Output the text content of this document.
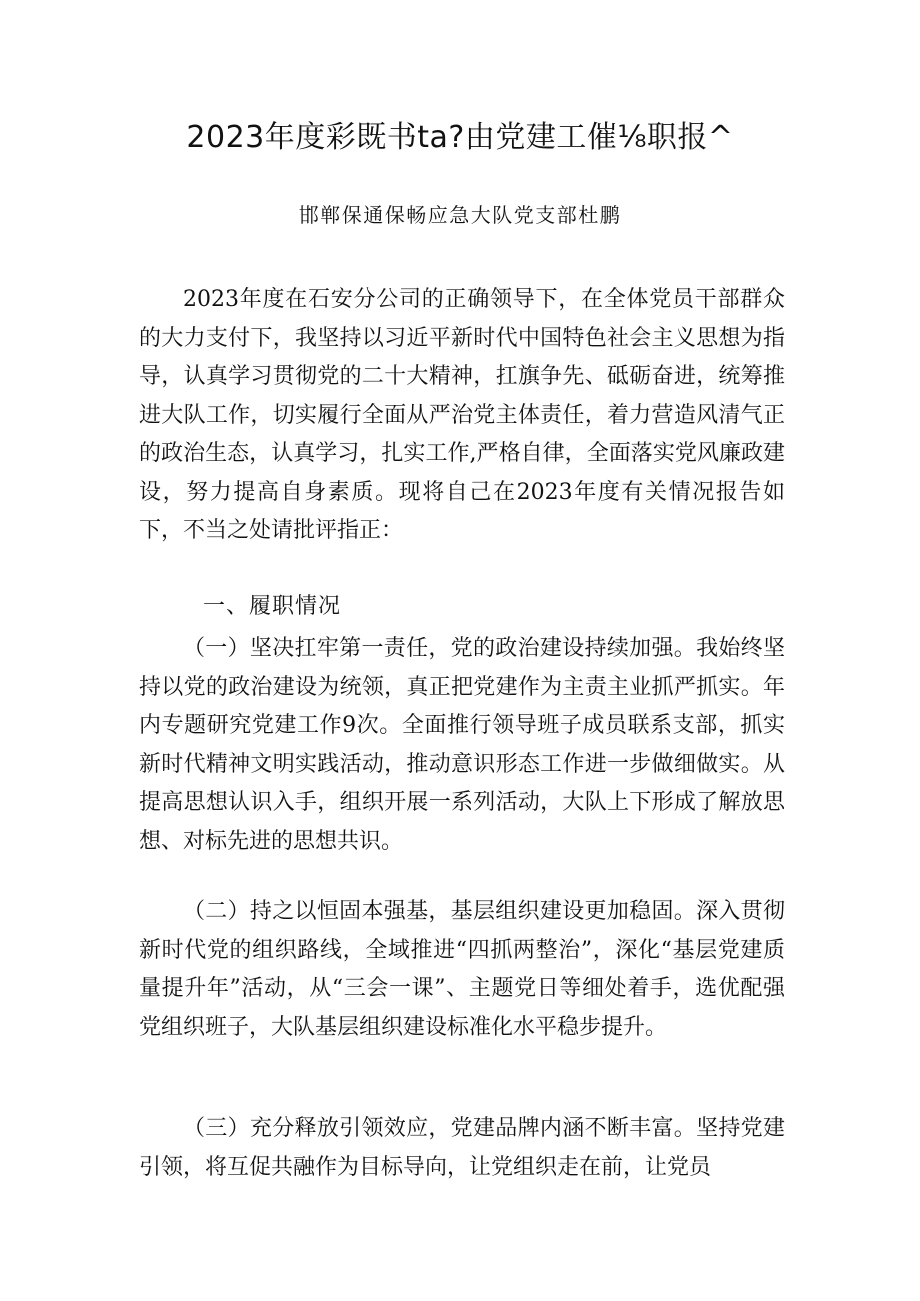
2023年度彩既书ta?由党建工催⅛职报^
邯郸保通保畅应急大队党支部杜鹏

2023年度在石安分公司的正确领导下，在全体党员干部群众的大力支付下，我坚持以习近平新时代中国特色社会主义思想为指导，认真学习贯彻党的二十大精神，扛旗争先、砥砺奋进，统筹推进大队工作，切实履行全面从严治党主体责任，着力营造风清气正的政治生态，认真学习，扎实工作,严格自律，全面落实党风廉政建设，努力提高自身素质。现将自己在2023年度有关情况报告如下，不当之处请批评指正：

一、履职情况

（一）坚决扛牢第一责任，党的政治建设持续加强。我始终坚持以党的政治建设为统领，真正把党建作为主责主业抓严抓实。年内专题研究党建工作9次。全面推行领导班子成员联系支部，抓实新时代精神文明实践活动，推动意识形态工作进一步做细做实。从提高思想认识入手，组织开展一系列活动，大队上下形成了解放思想、对标先进的思想共识。

（二）持之以恒固本强基，基层组织建设更加稳固。深入贯彻新时代党的组织路线，全域推进“四抓两整治”，深化“基层党建质量提升年”活动，从“三会一课”、主题党日等细处着手，选优配强党组织班子，大队基层组织建设标准化水平稳步提升。

（三）充分释放引领效应，党建品牌内涵不断丰富。坚持党建引领，将互促共融作为目标导向，让党组织走在前，让党员
